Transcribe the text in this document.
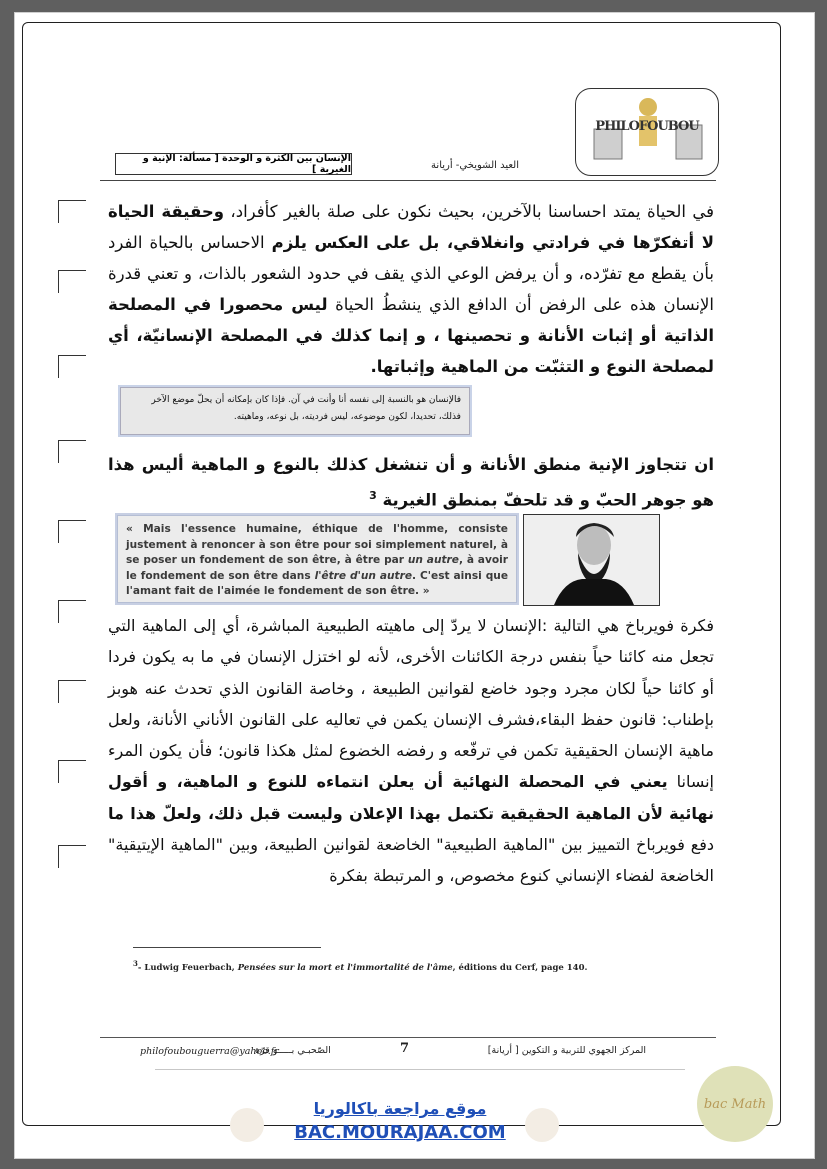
PHILOFOUBOU
العيد الشويخي- أريانة
الإنسان بين الكثرة و الوحدة [ مسألة: الإنية و الغيرية ]
في الحياة يمتد احساسنا بالآخرين، بحيث نكون على صلة بالغير كأفراد، وحقيقة الحياة لا أتفكرّها في فرادتي وانغلاقي، بل على العكس يلزم الاحساس بالحياة الفرد بأن يقطع مع تفرّده، و أن يرفض الوعي الذي يقف في حدود الشعور بالذات، و تعني قدرة الإنسان هذه على الرفض أن الدافع الذي ينشطُ الحياة ليس محصورا في المصلحة الذاتية أو إثبات الأنانة و تحصينها ، و إنما كذلك في المصلحة الإنسانيّة، أي لمصلحة النوع و التثبّت من الماهية وإثباتها.
فالإنسان هو بالنسبة إلى نفسه أنا وأنت في آن. فإذا كان بإمكانه أن يحلّ موضع الآخر فذلك، تحديدا، لكون موضوعه، ليس فرديته، بل نوعه، وماهيته.
ان تتجاوز الإنية منطق الأنانة و أن تنشغل كذلك بالنوع و الماهية أليس هذا هو جوهر الحبّ و قد تلحفّ بمنطق الغيرية $^3$
« Mais l'essence humaine, éthique de l'homme, consiste justement à renoncer à son être pour soi simplement naturel, à se poser un fondement de son être, à être par un autre, à avoir le fondement de son être dans l'être d'un autre. C'est ainsi que l'amant fait de l'aimée le fondement de son être. »
فكرة فويرباخ هي التالية :الإنسان لا يردّ إلى ماهيته الطبيعية المباشرة، أي إلى الماهية التي تجعل منه كائنا حياً بنفس درجة الكائنات الأخرى، لأنه لو اختزل الإنسان في ما به يكون فردا أو كائنا حياً لكان مجرد وجود خاضع لقوانين الطبيعة ، وخاصة القانون الذي تحدث عنه هوبز بإطناب: قانون حفظ البقاء،فشرف الإنسان يكمن في تعاليه على القانون الأناني الأنانة، ولعل ماهية الإنسان الحقيقية تكمن في ترفّعه و رفضه الخضوع لمثل هكذا قانون؛ فأن يكون المرء إنسانا يعني في المحصلة النهائية أن يعلن انتماءه للنوع و الماهية، و أقول نهائية لأن الماهية الحقيقية تكتمل بهذا الإعلان وليست قبل ذلك، ولعلّ هذا ما دفع فويرباخ التمييز بين "الماهية الطبيعية" الخاضعة لقوانين الطبيعة، وبين "الماهية الإيتيقية" الخاضعة لفضاء الإنساني كنوع مخصوص، و المرتبطة بفكرة
$^3$- Ludwig Feuerbach, Pensées sur la mort et l'immortalité de l'âme, éditions du Cerf, page 140.
philofoubouguerra@yahoo.fr
الصّحبـي بـــــو قرّة	7	المركز الجهوي للتربية و التكوين [ أريانة]
موقع مراجعة باكالوريا
BAC.MOURAJAA.COM
bac Math
